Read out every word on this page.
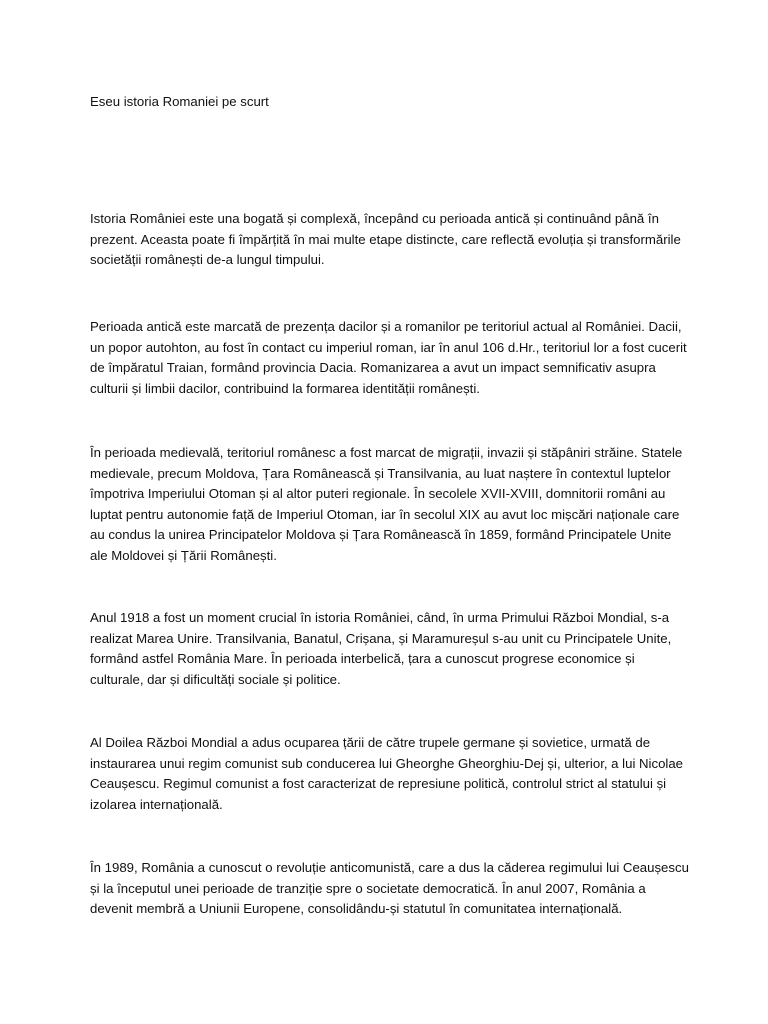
Eseu istoria Romaniei pe scurt

Istoria României este una bogată și complexă, începând cu perioada antică și continuând până în prezent. Aceasta poate fi împărțită în mai multe etape distincte, care reflectă evoluția și transformările societății românești de-a lungul timpului.

Perioada antică este marcată de prezența dacilor și a romanilor pe teritoriul actual al României. Dacii, un popor autohton, au fost în contact cu imperiul roman, iar în anul 106 d.Hr., teritoriul lor a fost cucerit de împăratul Traian, formând provincia Dacia. Romanizarea a avut un impact semnificativ asupra culturii și limbii dacilor, contribuind la formarea identității românești.

În perioada medievală, teritoriul românesc a fost marcat de migrații, invazii și stăpâniri străine. Statele medievale, precum Moldova, Țara Românească și Transilvania, au luat naștere în contextul luptelor împotriva Imperiului Otoman și al altor puteri regionale. În secolele XVII-XVIII, domnitorii români au luptat pentru autonomie față de Imperiul Otoman, iar în secolul XIX au avut loc mișcări naționale care au condus la unirea Principatelor Moldova și Țara Românească în 1859, formând Principatele Unite ale Moldovei și Țării Românești.

Anul 1918 a fost un moment crucial în istoria României, când, în urma Primului Război Mondial, s-a realizat Marea Unire. Transilvania, Banatul, Crișana, și Maramureșul s-au unit cu Principatele Unite, formând astfel România Mare. În perioada interbelică, țara a cunoscut progrese economice și culturale, dar și dificultăți sociale și politice.

Al Doilea Război Mondial a adus ocuparea țării de către trupele germane și sovietice, urmată de instaurarea unui regim comunist sub conducerea lui Gheorghe Gheorghiu-Dej și, ulterior, a lui Nicolae Ceaușescu. Regimul comunist a fost caracterizat de represiune politică, controlul strict al statului și izolarea internațională.

În 1989, România a cunoscut o revoluție anticomunistă, care a dus la căderea regimului lui Ceaușescu și la începutul unei perioade de tranziție spre o societate democratică. În anul 2007, România a devenit membră a Uniunii Europene, consolidându-și statutul în comunitatea internațională.
